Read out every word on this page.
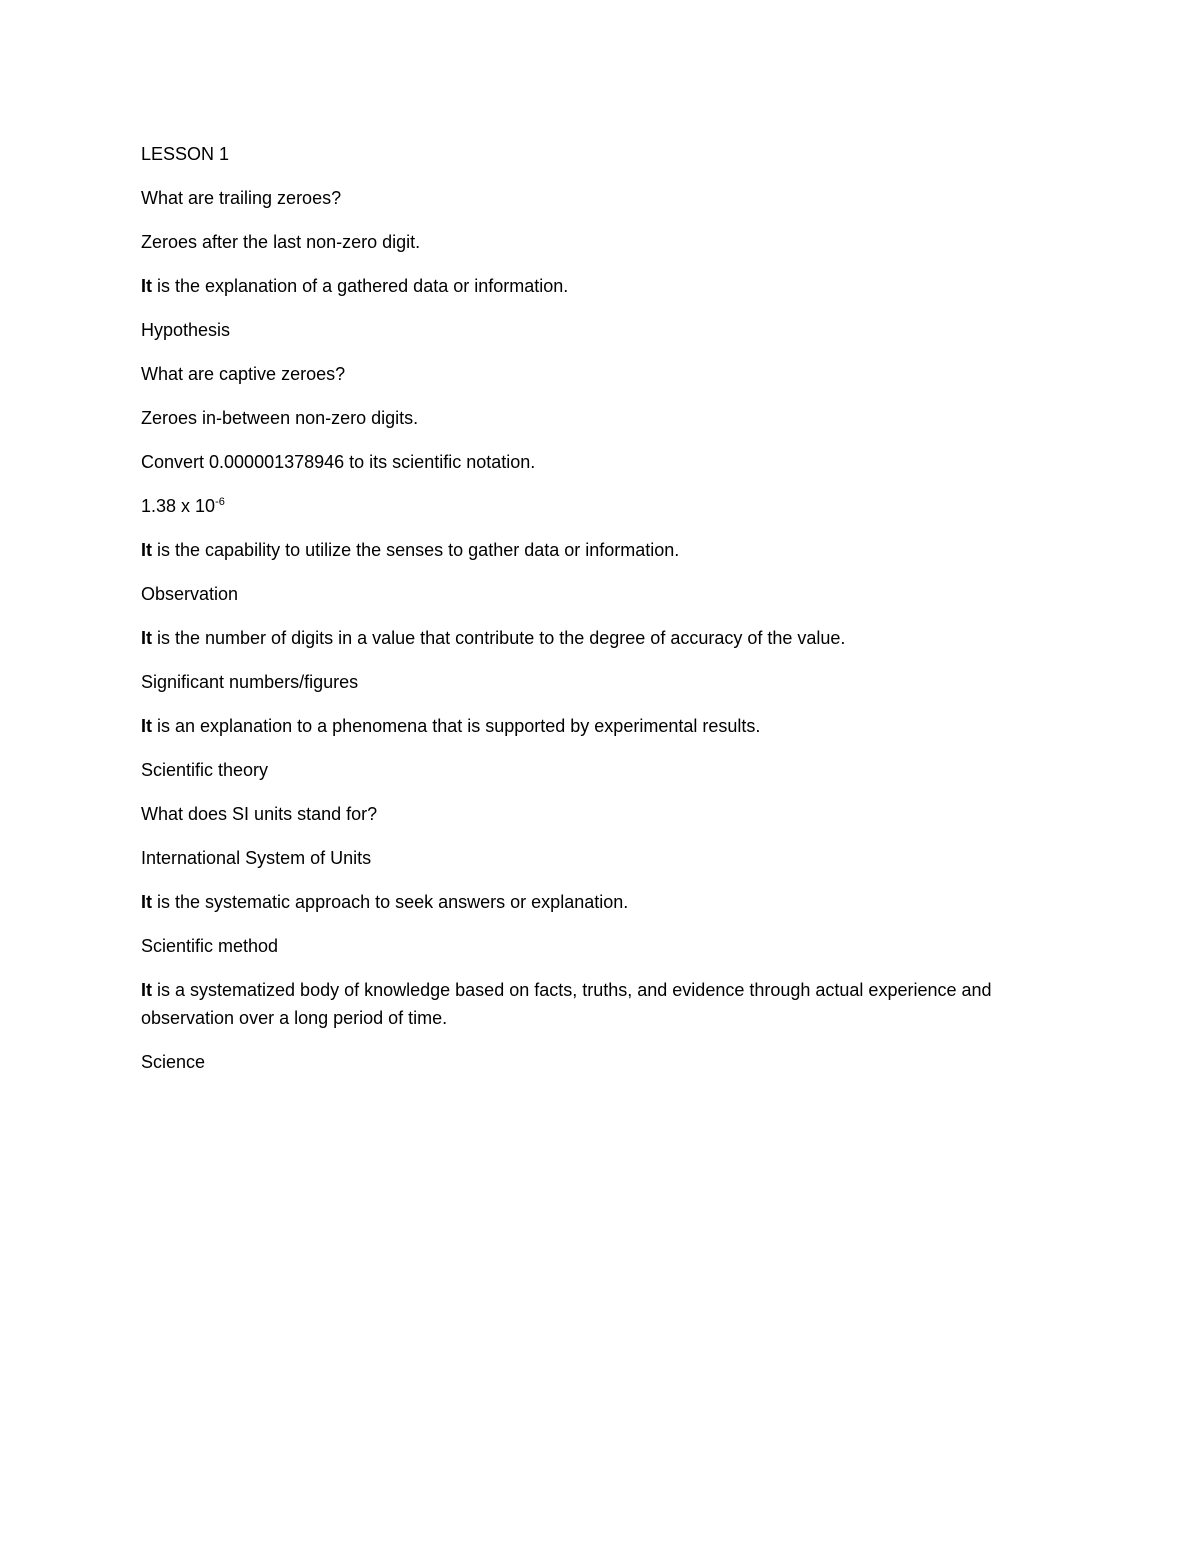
LESSON 1

What are trailing zeroes?

Zeroes after the last non-zero digit.

It is the explanation of a gathered data or information.

Hypothesis

What are captive zeroes?

Zeroes in-between non-zero digits.

Convert 0.000001378946 to its scientific notation.

1.38 x $10^{-6}$

It is the capability to utilize the senses to gather data or information.

Observation

It is the number of digits in a value that contribute to the degree of accuracy of the value.

Significant numbers/figures

It is an explanation to a phenomena that is supported by experimental results.

Scientific theory

What does SI units stand for?

International System of Units

It is the systematic approach to seek answers or explanation.

Scientific method

It is a systematized body of knowledge based on facts, truths, and evidence through actual experience and observation over a long period of time.

Science
